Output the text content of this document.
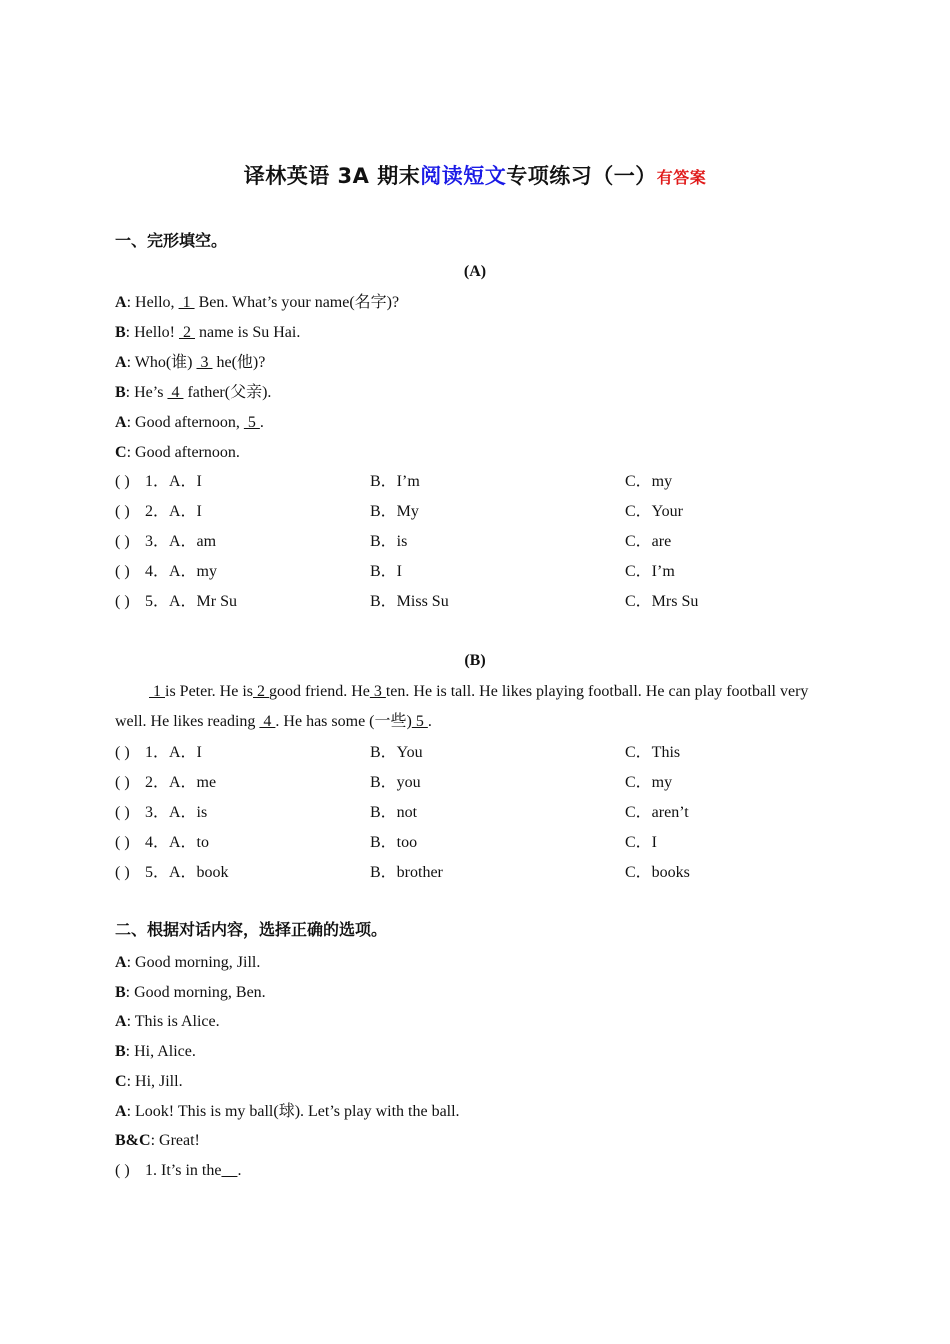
译林英语 3A 期末阅读短文专项练习（一）有答案
一、完形填空。
(A)
A: Hello,  1  Ben. What’s your name(名字)?
B: Hello!  2  name is Su Hai.
A: Who(谁)  3  he(他)?
B: He’s  4  father(父亲).
A: Good afternoon,  5 .
C: Good afternoon.
( ) 1．A．I	B．I’m	C．my
( ) 2．A．I	B．My	C．Your
( ) 3．A．am	B．is	C．are
( ) 4．A．my	B．I	C．I’m
( ) 5．A．Mr Su	B．Miss Su	C．Mrs Su
(B)
1 is Peter. He is 2 good friend. He 3 ten. He is tall. He likes playing football. He can play football very well. He likes reading  4 . He has some (一些) 5 .
( ) 1．A．I	B．You	C．This
( ) 2．A．me	B．you	C．my
( ) 3．A．is	B．not	C．aren’t
( ) 4．A．to	B．too	C．I
( ) 5．A．book	B．brother	C．books
二、根据对话内容，选择正确的选项。
A: Good morning, Jill.
B: Good morning, Ben.
A: This is Alice.
B: Hi, Alice.
C: Hi, Jill.
A: Look! This is my ball(球). Let’s play with the ball.
B&C: Great!
( ) 1. It’s in the .
